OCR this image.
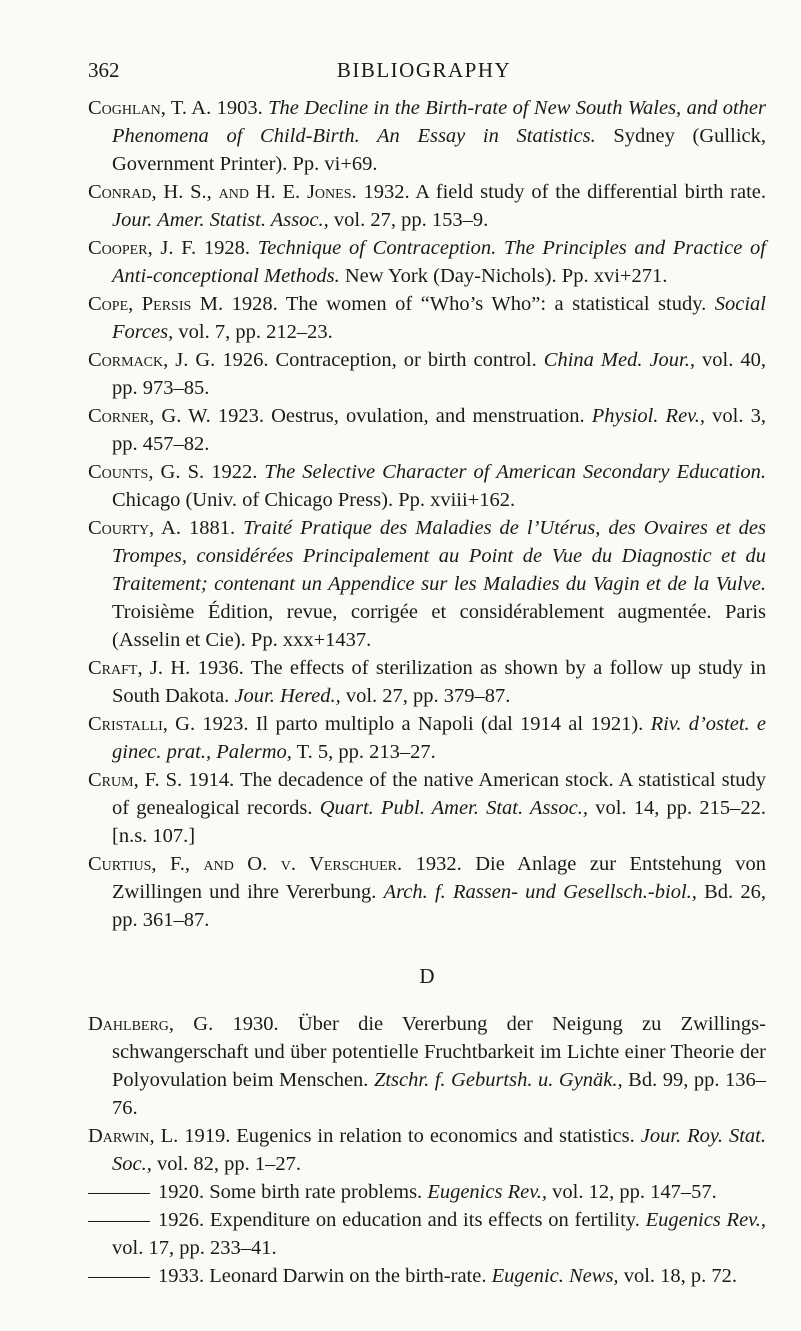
362	BIBLIOGRAPHY

Coghlan, T. A. 1903. The Decline in the Birth-rate of New South Wales, and other Phenomena of Child-Birth. An Essay in Statistics. Sydney (Gullick, Government Printer). Pp. vi+69.

Conrad, H. S., and H. E. Jones. 1932. A field study of the differential birth rate. Jour. Amer. Statist. Assoc., vol. 27, pp. 153–9.

Cooper, J. F. 1928. Technique of Contraception. The Principles and Practice of Anti-conceptional Methods. New York (Day-Nichols). Pp. xvi+271.

Cope, Persis M. 1928. The women of “Who’s Who”: a statistical study. Social Forces, vol. 7, pp. 212–23.

Cormack, J. G. 1926. Contraception, or birth control. China Med. Jour., vol. 40, pp. 973–85.

Corner, G. W. 1923. Oestrus, ovulation, and menstruation. Physiol. Rev., vol. 3, pp. 457–82.

Counts, G. S. 1922. The Selective Character of American Secondary Education. Chicago (Univ. of Chicago Press). Pp. xviii+162.

Courty, A. 1881. Traité Pratique des Maladies de l’Utérus, des Ovaires et des Trompes, considérées Principalement au Point de Vue du Diagnostic et du Traitement; contenant un Appendice sur les Maladies du Vagin et de la Vulve. Troisième Édition, revue, corrigée et considérablement augmentée. Paris (Asselin et Cie). Pp. xxx+1437.

Craft, J. H. 1936. The effects of sterilization as shown by a follow up study in South Dakota. Jour. Hered., vol. 27, pp. 379–87.

Cristalli, G. 1923. Il parto multiplo a Napoli (dal 1914 al 1921). Riv. d’ostet. e ginec. prat., Palermo, T. 5, pp. 213–27.

Crum, F. S. 1914. The decadence of the native American stock. A statistical study of genealogical records. Quart. Publ. Amer. Stat. Assoc., vol. 14, pp. 215–22. [n.s. 107.]

Curtius, F., and O. v. Verschuer. 1932. Die Anlage zur Entstehung von Zwillingen und ihre Vererbung. Arch. f. Rassen- und Gesellsch.-biol., Bd. 26, pp. 361–87.

D

Dahlberg, G. 1930. Über die Vererbung der Neigung zu Zwillings-schwangerschaft und über potentielle Fruchtbarkeit im Lichte einer Theorie der Polyovulation beim Menschen. Ztschr. f. Geburtsh. u. Gynäk., Bd. 99, pp. 136–76.

Darwin, L. 1919. Eugenics in relation to economics and statistics. Jour. Roy. Stat. Soc., vol. 82, pp. 1–27.

1920. Some birth rate problems. Eugenics Rev., vol. 12, pp. 147–57.

1926. Expenditure on education and its effects on fertility. Eugenics Rev., vol. 17, pp. 233–41.

1933. Leonard Darwin on the birth-rate. Eugenic. News, vol. 18, p. 72.
